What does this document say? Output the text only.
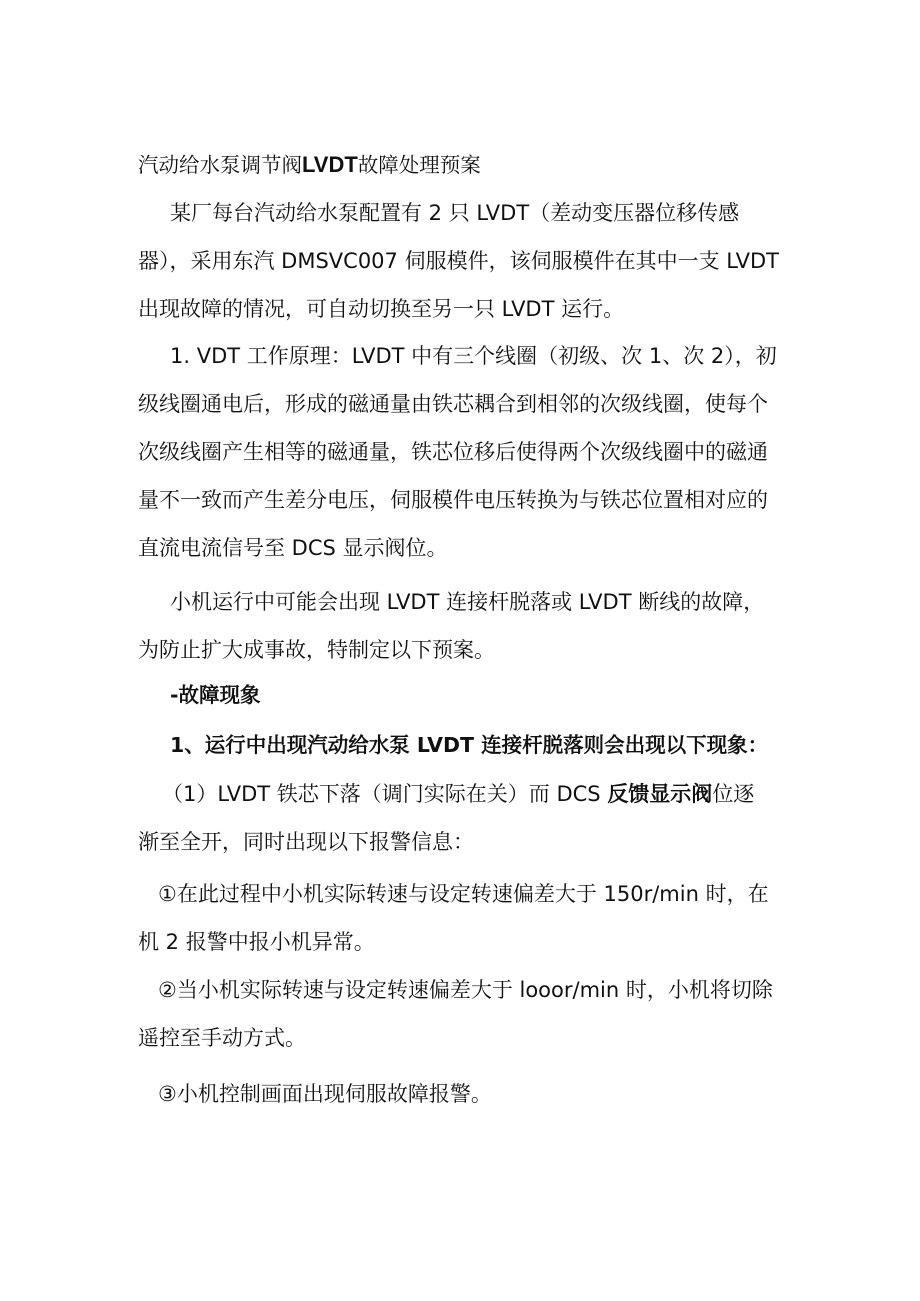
汽动给水泵调节阀LVDT故障处理预案

某厂每台汽动给水泵配置有 2 只 LVDT（差动变压器位移传感
器），采用东汽 DMSVC007 伺服模件，该伺服模件在其中一支 LVDT
出现故障的情况，可自动切换至另一只 LVDT 运行。

1. VDT 工作原理：LVDT 中有三个线圈（初级、次 1、次 2），初
级线圈通电后，形成的磁通量由铁芯耦合到相邻的次级线圈，使每个
次级线圈产生相等的磁通量，铁芯位移后使得两个次级线圈中的磁通
量不一致而产生差分电压，伺服模件电压转换为与铁芯位置相对应的
直流电流信号至 DCS 显示阀位。

小机运行中可能会出现 LVDT 连接杆脱落或 LVDT 断线的故障，
为防止扩大成事故，特制定以下预案。

-故障现象

1、运行中出现汽动给水泵 LVDT 连接杆脱落则会出现以下现象：

（1）LVDT 铁芯下落（调门实际在关）而 DCS 反馈显示阀位逐
渐至全开，同时出现以下报警信息：

①在此过程中小机实际转速与设定转速偏差大于 150r/min 时，在
机 2 报警中报小机异常。

②当小机实际转速与设定转速偏差大于 looor/min 时，小机将切除
遥控至手动方式。

③小机控制画面出现伺服故障报警。
